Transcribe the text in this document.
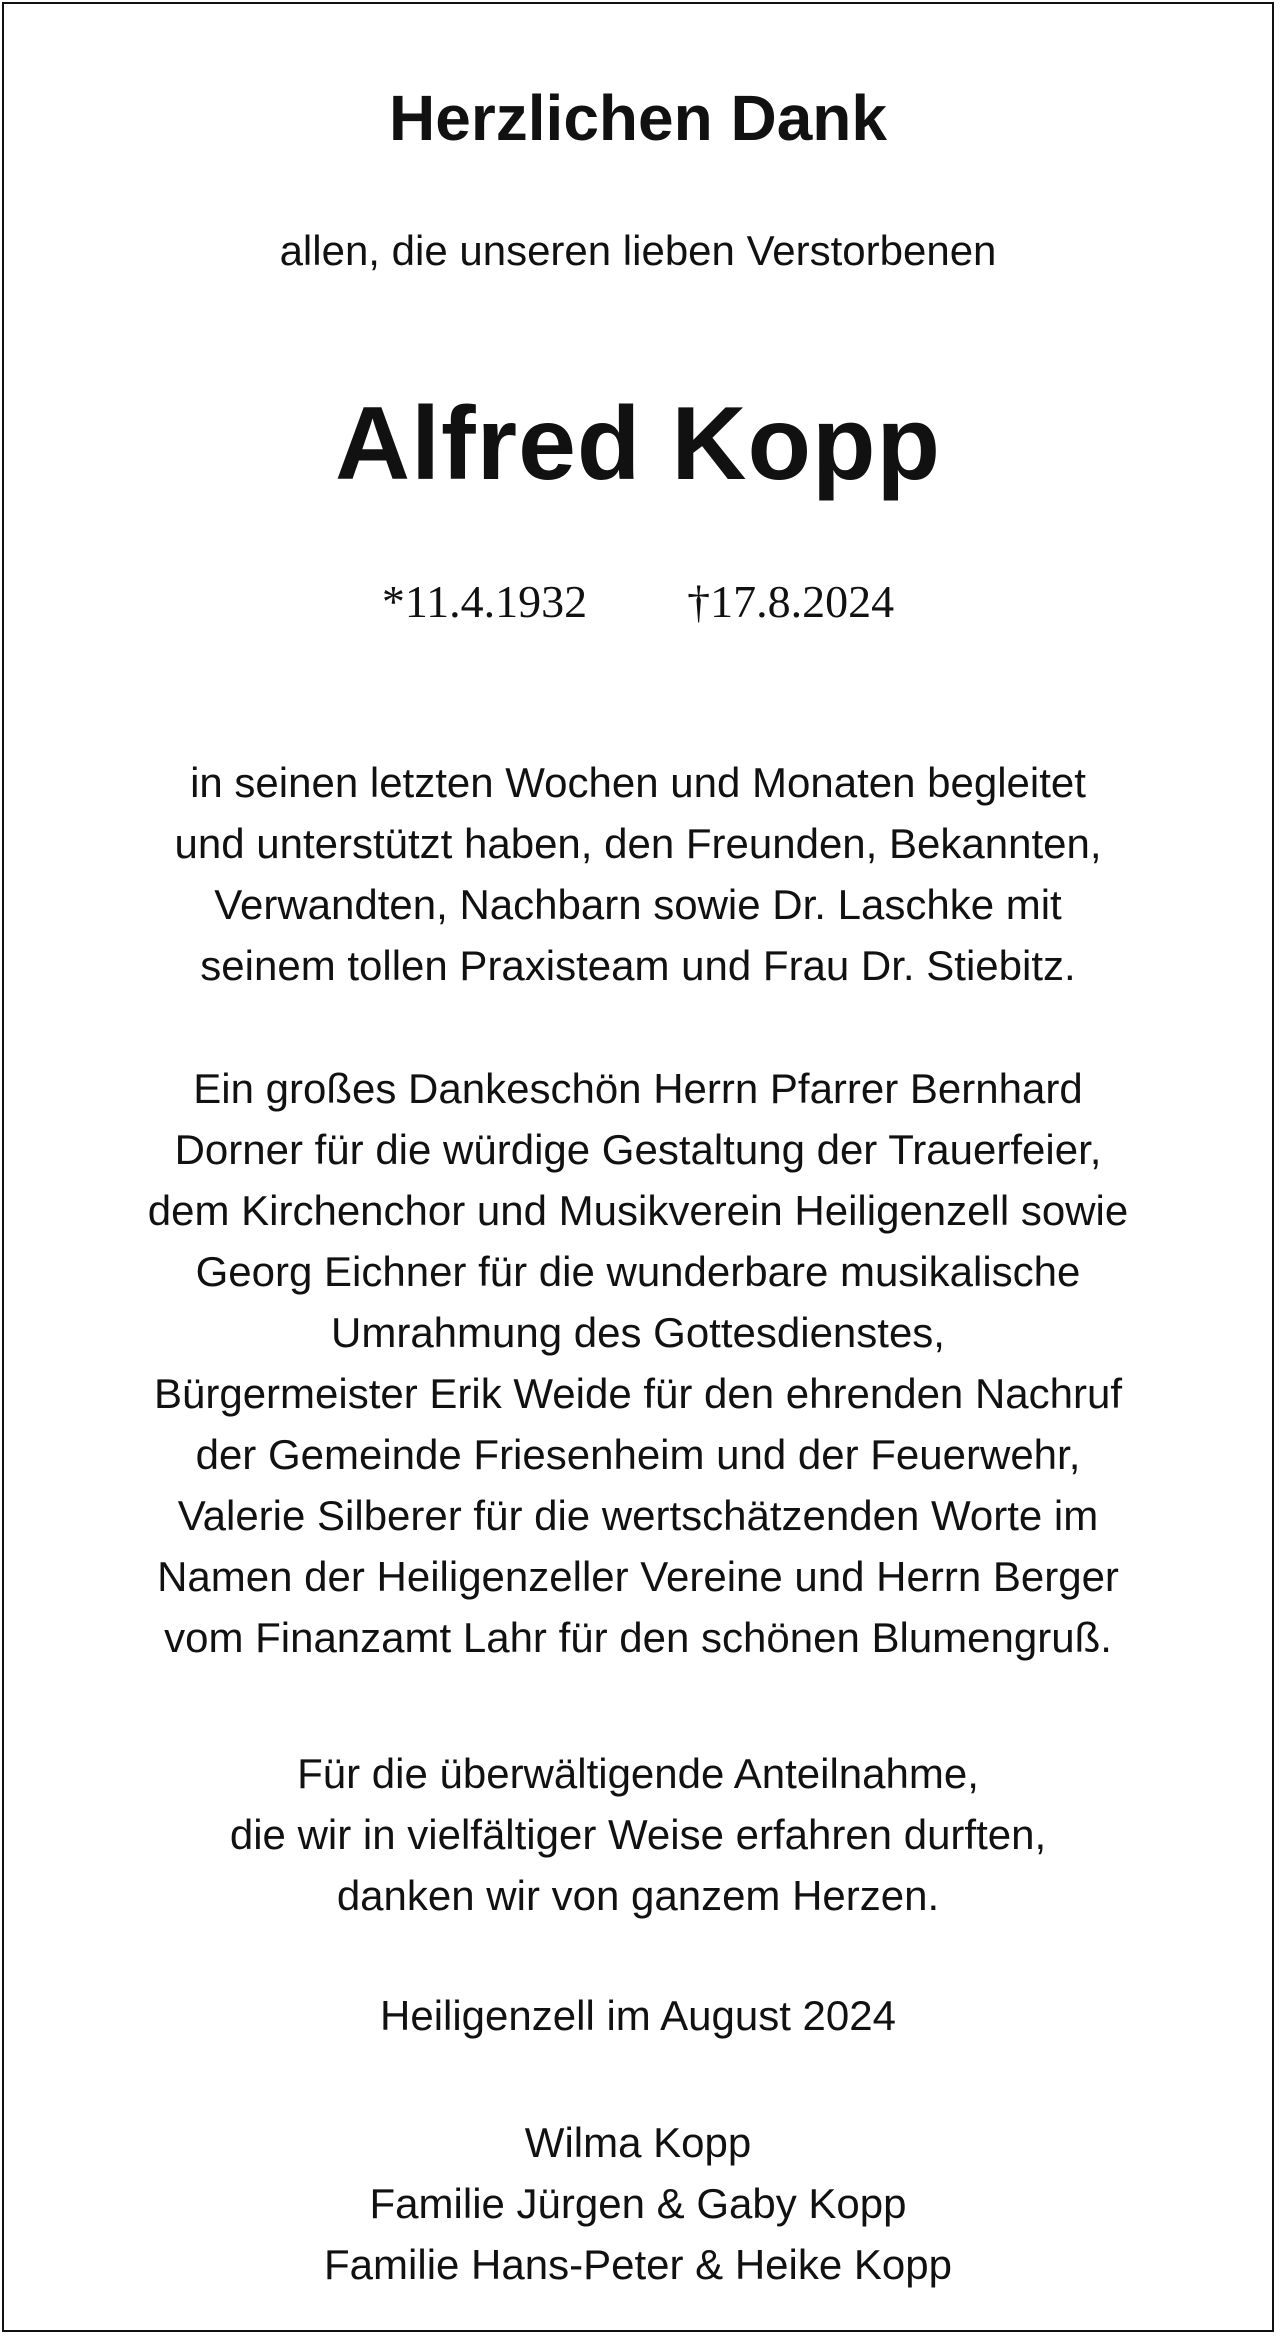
Herzlichen Dank
allen, die unseren lieben Verstorbenen
Alfred Kopp
*11.4.1932 †17.8.2024
in seinen letzten Wochen und Monaten begleitet
und unterstützt haben, den Freunden, Bekannten,
Verwandten, Nachbarn sowie Dr. Laschke mit
seinem tollen Praxisteam und Frau Dr. Stiebitz.
Ein großes Dankeschön Herrn Pfarrer Bernhard
Dorner für die würdige Gestaltung der Trauerfeier,
dem Kirchenchor und Musikverein Heiligenzell sowie
Georg Eichner für die wunderbare musikalische
Umrahmung des Gottesdienstes,
Bürgermeister Erik Weide für den ehrenden Nachruf
der Gemeinde Friesenheim und der Feuerwehr,
Valerie Silberer für die wertschätzenden Worte im
Namen der Heiligenzeller Vereine und Herrn Berger
vom Finanzamt Lahr für den schönen Blumengruß.
Für die überwältigende Anteilnahme,
die wir in vielfältiger Weise erfahren durften,
danken wir von ganzem Herzen.
Heiligenzell im August 2024
Wilma Kopp
Familie Jürgen & Gaby Kopp
Familie Hans-Peter & Heike Kopp
